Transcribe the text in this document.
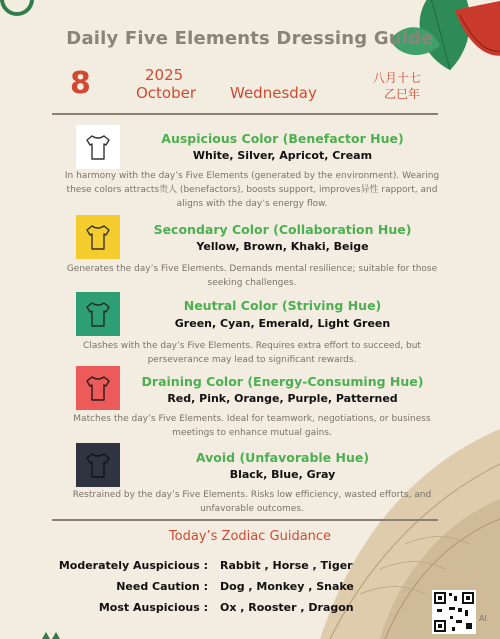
Daily Five Elements Dressing Guide
8	2025
October Wednesday
八月十七
乙巳年
Auspicious Color (Benefactor Hue)
White, Silver, Apricot, Cream
In harmony with the day’s Five Elements (generated by the environment). Wearing these colors attracts贵人 (benefactors), boosts support, improves异性 rapport, and aligns with the day’s energy flow.
Secondary Color (Collaboration Hue)
Yellow, Brown, Khaki, Beige
Generates the day’s Five Elements. Demands mental resilience; suitable for those seeking challenges.
Neutral Color (Striving Hue)
Green, Cyan, Emerald, Light Green
Clashes with the day’s Five Elements. Requires extra effort to succeed, but perseverance may lead to significant rewards.
Draining Color (Energy-Consuming Hue)
Red, Pink, Orange, Purple, Patterned
Matches the day’s Five Elements. Ideal for teamwork, negotiations, or business meetings to enhance mutual gains.
Avoid (Unfavorable Hue)
Black, Blue, Gray
Restrained by the day’s Five Elements. Risks low efficiency, wasted efforts, and unfavorable outcomes.
Today’s Zodiac Guidance
Moderately Auspicious : Rabbit , Horse , Tiger
Need Caution : Dog , Monkey , Snake
Most Auspicious : Ox , Rooster , Dragon
AI
